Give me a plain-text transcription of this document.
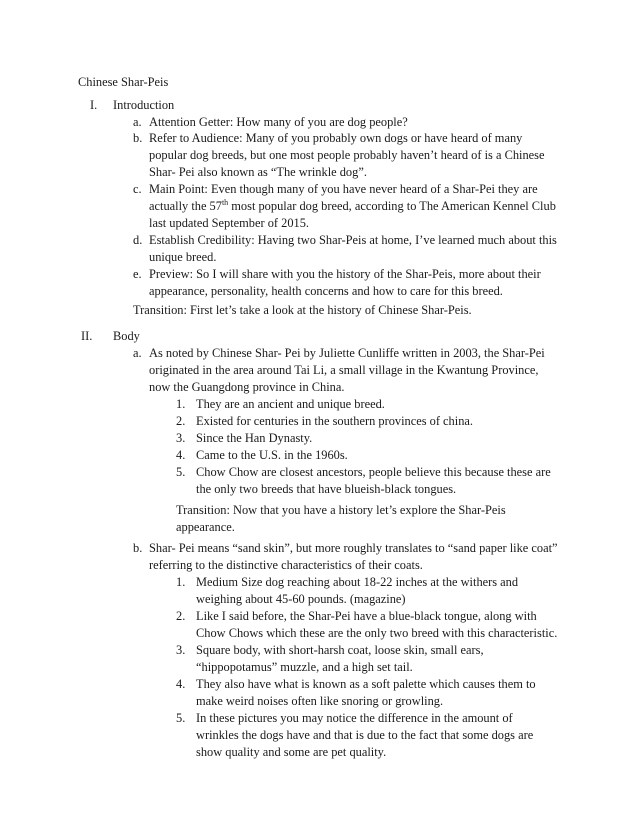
Chinese Shar-Peis
I. Introduction
a. Attention Getter: How many of you are dog people?
b. Refer to Audience: Many of you probably own dogs or have heard of many
popular dog breeds, but one most people probably haven’t heard of is a Chinese
Shar- Pei also known as “The wrinkle dog”.
c. Main Point: Even though many of you have never heard of a Shar-Pei they are
actually the 57th most popular dog breed, according to The American Kennel Club
last updated September of 2015.
d. Establish Credibility: Having two Shar-Peis at home, I’ve learned much about this
unique breed.
e. Preview: So I will share with you the history of the Shar-Peis, more about their
appearance, personality, health concerns and how to care for this breed.
Transition: First let’s take a look at the history of Chinese Shar-Peis.
II. Body
a. As noted by Chinese Shar- Pei by Juliette Cunliffe written in 2003, the Shar-Pei
originated in the area around Tai Li, a small village in the Kwantung Province,
now the Guangdong province in China.
1. They are an ancient and unique breed.
2. Existed for centuries in the southern provinces of china.
3. Since the Han Dynasty.
4. Came to the U.S. in the 1960s.
5. Chow Chow are closest ancestors, people believe this because these are
the only two breeds that have blueish-black tongues.
Transition: Now that you have a history let’s explore the Shar-Peis
appearance.
b. Shar- Pei means “sand skin”, but more roughly translates to “sand paper like coat”
referring to the distinctive characteristics of their coats.
1. Medium Size dog reaching about 18-22 inches at the withers and
weighing about 45-60 pounds. (magazine)
2. Like I said before, the Shar-Pei have a blue-black tongue, along with
Chow Chows which these are the only two breed with this characteristic.
3. Square body, with short-harsh coat, loose skin, small ears,
“hippopotamus” muzzle, and a high set tail.
4. They also have what is known as a soft palette which causes them to
make weird noises often like snoring or growling.
5. In these pictures you may notice the difference in the amount of
wrinkles the dogs have and that is due to the fact that some dogs are
show quality and some are pet quality.
